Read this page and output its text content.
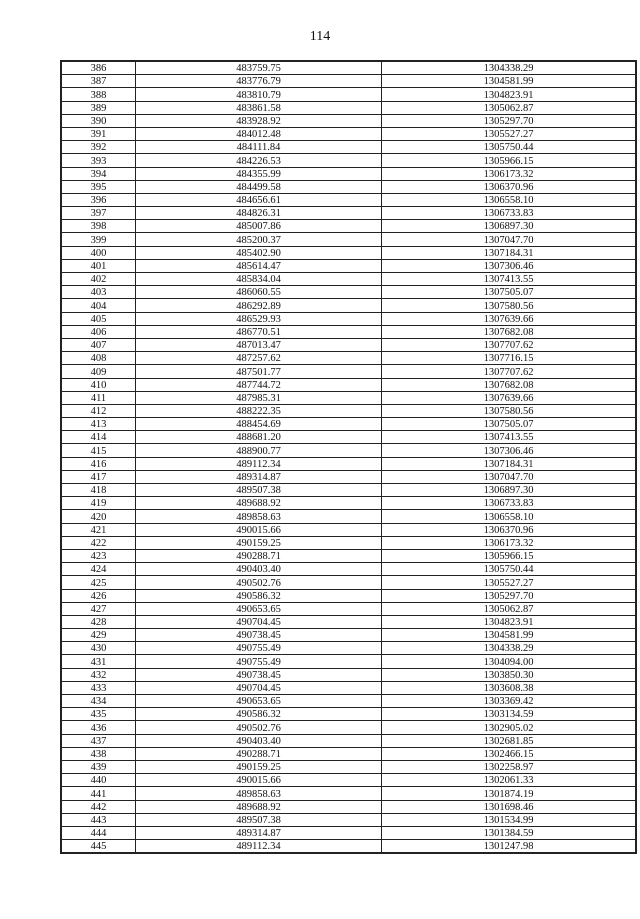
114
386	483759.75	1304338.29
387	483776.79	1304581.99
388	483810.79	1304823.91
389	483861.58	1305062.87
390	483928.92	1305297.70
391	484012.48	1305527.27
392	484111.84	1305750.44
393	484226.53	1305966.15
394	484355.99	1306173.32
395	484499.58	1306370.96
396	484656.61	1306558.10
397	484826.31	1306733.83
398	485007.86	1306897.30
399	485200.37	1307047.70
400	485402.90	1307184.31
401	485614.47	1307306.46
402	485834.04	1307413.55
403	486060.55	1307505.07
404	486292.89	1307580.56
405	486529.93	1307639.66
406	486770.51	1307682.08
407	487013.47	1307707.62
408	487257.62	1307716.15
409	487501.77	1307707.62
410	487744.72	1307682.08
411	487985.31	1307639.66
412	488222.35	1307580.56
413	488454.69	1307505.07
414	488681.20	1307413.55
415	488900.77	1307306.46
416	489112.34	1307184.31
417	489314.87	1307047.70
418	489507.38	1306897.30
419	489688.92	1306733.83
420	489858.63	1306558.10
421	490015.66	1306370.96
422	490159.25	1306173.32
423	490288.71	1305966.15
424	490403.40	1305750.44
425	490502.76	1305527.27
426	490586.32	1305297.70
427	490653.65	1305062.87
428	490704.45	1304823.91
429	490738.45	1304581.99
430	490755.49	1304338.29
431	490755.49	1304094.00
432	490738.45	1303850.30
433	490704.45	1303608.38
434	490653.65	1303369.42
435	490586.32	1303134.59
436	490502.76	1302905.02
437	490403.40	1302681.85
438	490288.71	1302466.15
439	490159.25	1302258.97
440	490015.66	1302061.33
441	489858.63	1301874.19
442	489688.92	1301698.46
443	489507.38	1301534.99
444	489314.87	1301384.59
445	489112.34	1301247.98
